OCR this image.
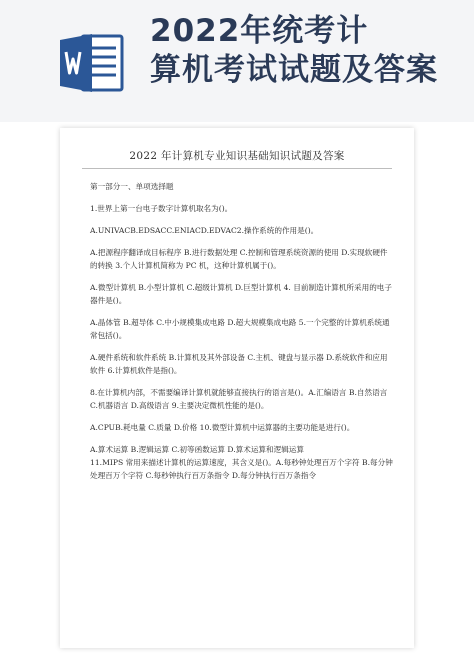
2022年统考计
算机考试试题及答案
2022 年计算机专业知识基础知识试题及答案

第一部分一、单项选择题

1.世界上第一台电子数字计算机取名为()。

A.UNIVACB.EDSACC.ENIACD.EDVAC2.操作系统的作用是()。

A.把源程序翻译成目标程序 B.进行数据处理 C.控制和管理系统资源的使用 D.实现软硬件的转换 3.个人计算机简称为 PC 机，这种计算机属于()。

A.微型计算机 B.小型计算机 C.超级计算机 D.巨型计算机 4. 目前制造计算机所采用的电子器件是()。

A.晶体管 B.超导体 C.中小规模集成电路 D.超大规模集成电路 5.一个完整的计算机系统通常包括()。

A.硬件系统和软件系统 B.计算机及其外部设备 C.主机、键盘与显示器 D.系统软件和应用软件 6.计算机软件是指()。

8.在计算机内部，不需要编译计算机就能够直接执行的语言是()。A.汇编语言 B.自然语言 C.机器语言 D.高级语言 9.主要决定微机性能的是()。

A.CPUB.耗电量 C.质量 D.价格 10.微型计算机中运算器的主要功能是进行()。

A.算术运算 B.逻辑运算 C.初等函数运算 D.算术运算和逻辑运算

11.MIPS 常用来描述计算机的运算速度，其含义是()。A.每秒钟处理百万个字符 B.每分钟处理百万个字符 C.每秒钟执行百万条指令 D.每分钟执行百万条指令
